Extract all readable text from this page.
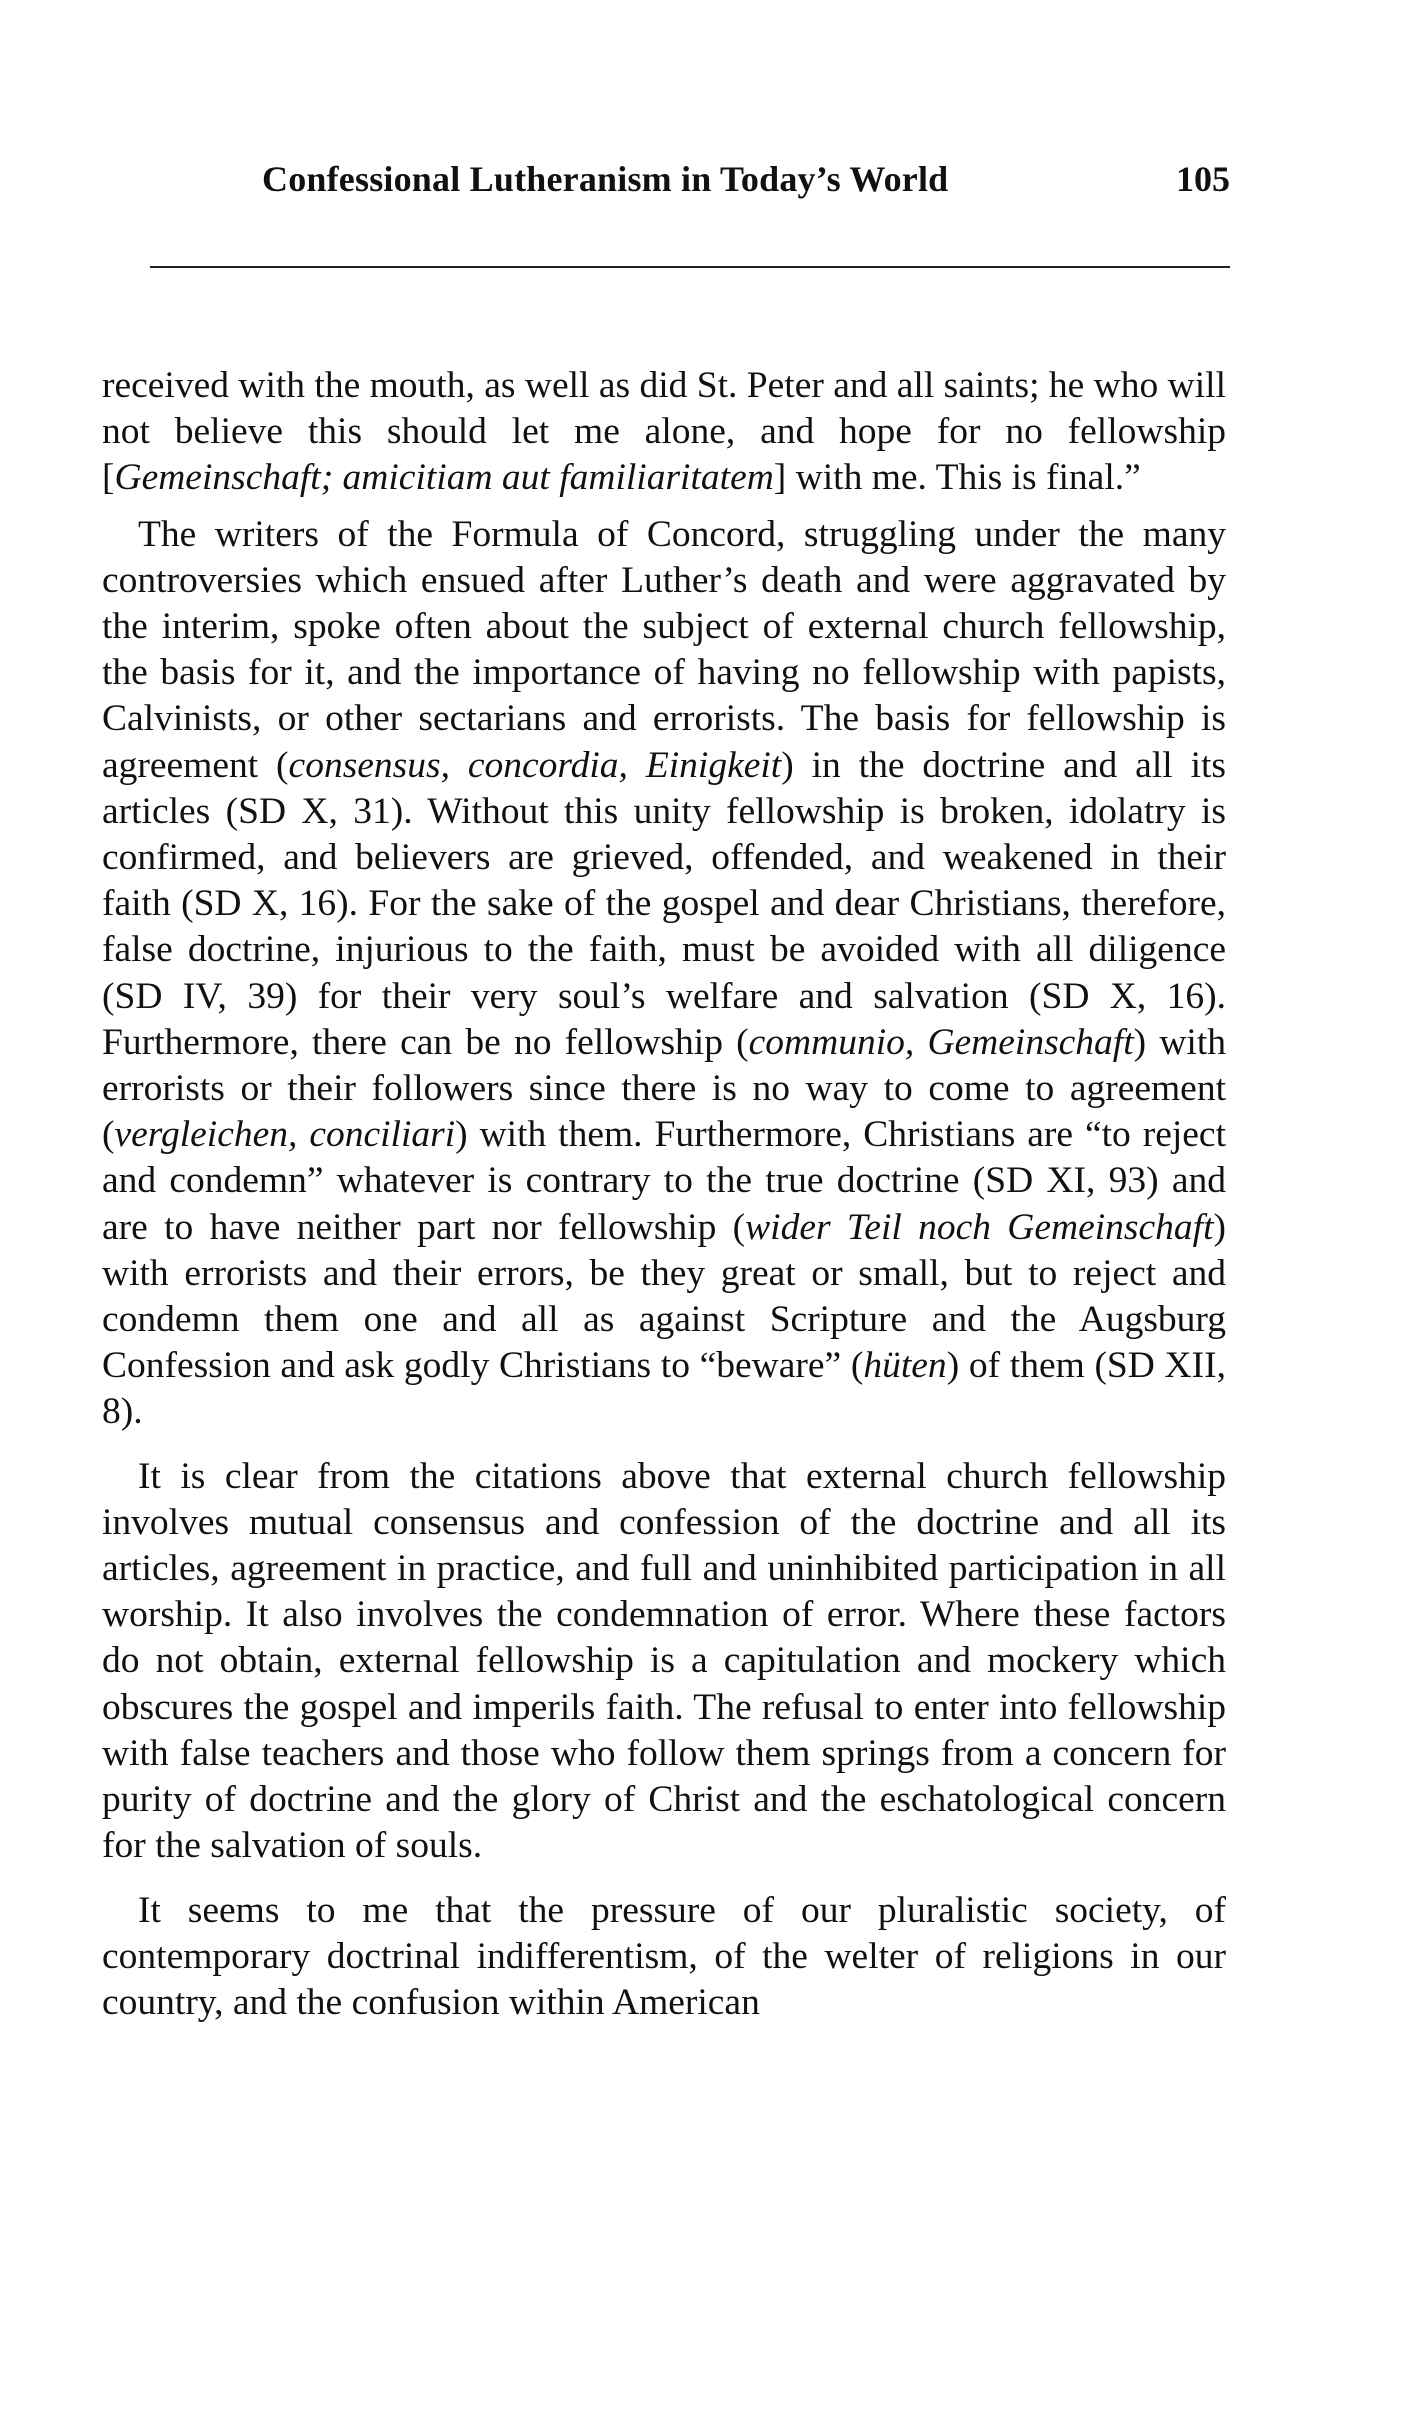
Confessional Lutheranism in Today’s World	105

received with the mouth, as well as did St. Peter and all saints; he who will not believe this should let me alone, and hope for no fellowship [Gemeinschaft; amicitiam aut familiaritatem] with me. This is final.”

The writers of the Formula of Concord, struggling under the many controversies which ensued after Luther’s death and were aggravated by the interim, spoke often about the subject of external church fellowship, the basis for it, and the importance of having no fellowship with papists, Calvinists, or other sectarians and errorists. The basis for fellowship is agreement (consensus, concordia, Einigkeit) in the doctrine and all its articles (SD X, 31). Without this unity fellowship is broken, idolatry is confirmed, and believers are grieved, offended, and weakened in their faith (SD X, 16). For the sake of the gospel and dear Christians, therefore, false doctrine, injurious to the faith, must be avoided with all diligence (SD IV, 39) for their very soul’s welfare and salvation (SD X, 16). Furthermore, there can be no fellowship (communio, Gemeinschaft) with errorists or their followers since there is no way to come to agreement (vergleichen, conciliari) with them. Furthermore, Christians are “to reject and condemn” whatever is contrary to the true doctrine (SD XI, 93) and are to have neither part nor fellowship (wider Teil noch Gemeinschaft) with errorists and their errors, be they great or small, but to reject and condemn them one and all as against Scripture and the Augsburg Confession and ask godly Christians to “beware” (hüten) of them (SD XII, 8).

It is clear from the citations above that external church fellowship involves mutual consensus and confession of the doctrine and all its articles, agreement in practice, and full and uninhibited participation in all worship. It also involves the condemnation of error. Where these factors do not obtain, external fellowship is a capitulation and mockery which obscures the gospel and imperils faith. The refusal to enter into fellowship with false teachers and those who follow them springs from a concern for purity of doctrine and the glory of Christ and the eschatological concern for the salvation of souls.

It seems to me that the pressure of our pluralistic society, of contemporary doctrinal indifferentism, of the welter of religions in our country, and the confusion within American
